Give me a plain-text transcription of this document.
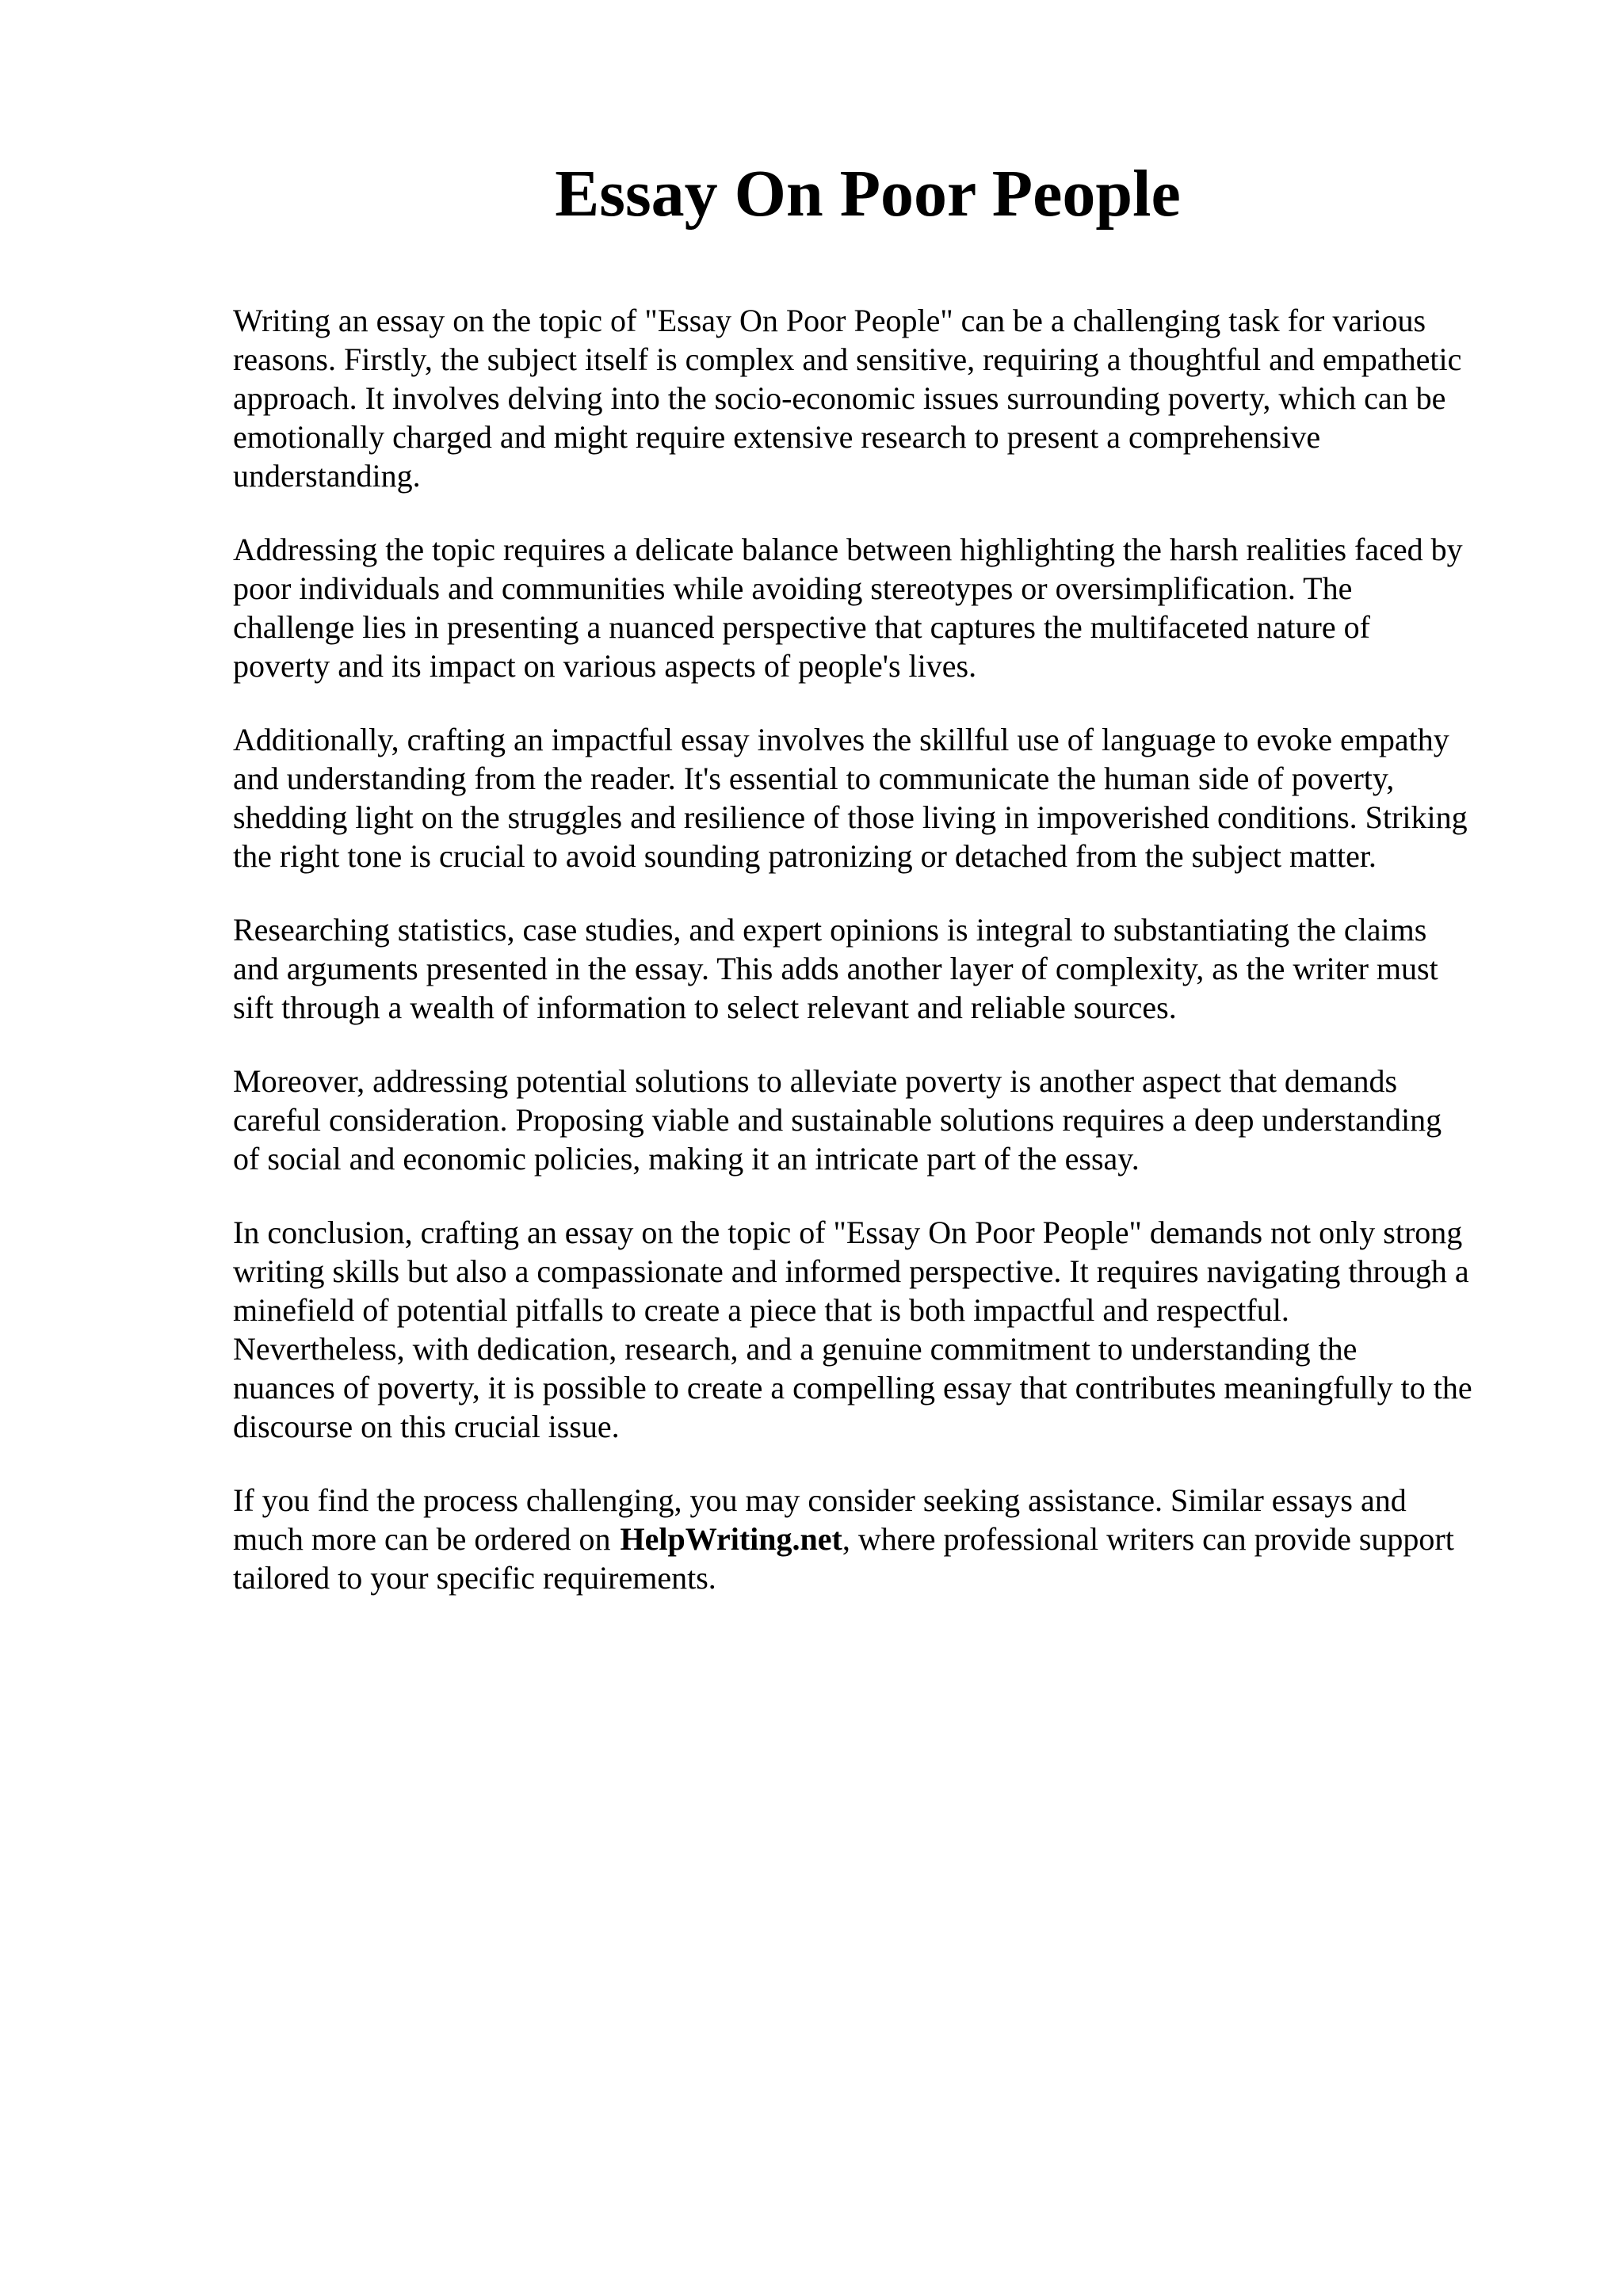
Essay On Poor People

Writing an essay on the topic of "Essay On Poor People" can be a challenging task for various
reasons. Firstly, the subject itself is complex and sensitive, requiring a thoughtful and empathetic
approach. It involves delving into the socio-economic issues surrounding poverty, which can be
emotionally charged and might require extensive research to present a comprehensive
understanding.

Addressing the topic requires a delicate balance between highlighting the harsh realities faced by
poor individuals and communities while avoiding stereotypes or oversimplification. The
challenge lies in presenting a nuanced perspective that captures the multifaceted nature of
poverty and its impact on various aspects of people's lives.

Additionally, crafting an impactful essay involves the skillful use of language to evoke empathy
and understanding from the reader. It's essential to communicate the human side of poverty,
shedding light on the struggles and resilience of those living in impoverished conditions. Striking
the right tone is crucial to avoid sounding patronizing or detached from the subject matter.

Researching statistics, case studies, and expert opinions is integral to substantiating the claims
and arguments presented in the essay. This adds another layer of complexity, as the writer must
sift through a wealth of information to select relevant and reliable sources.

Moreover, addressing potential solutions to alleviate poverty is another aspect that demands
careful consideration. Proposing viable and sustainable solutions requires a deep understanding
of social and economic policies, making it an intricate part of the essay.

In conclusion, crafting an essay on the topic of "Essay On Poor People" demands not only strong
writing skills but also a compassionate and informed perspective. It requires navigating through a
minefield of potential pitfalls to create a piece that is both impactful and respectful.
Nevertheless, with dedication, research, and a genuine commitment to understanding the
nuances of poverty, it is possible to create a compelling essay that contributes meaningfully to the
discourse on this crucial issue.

If you find the process challenging, you may consider seeking assistance. Similar essays and
much more can be ordered on HelpWriting.net, where professional writers can provide support
tailored to your specific requirements.
